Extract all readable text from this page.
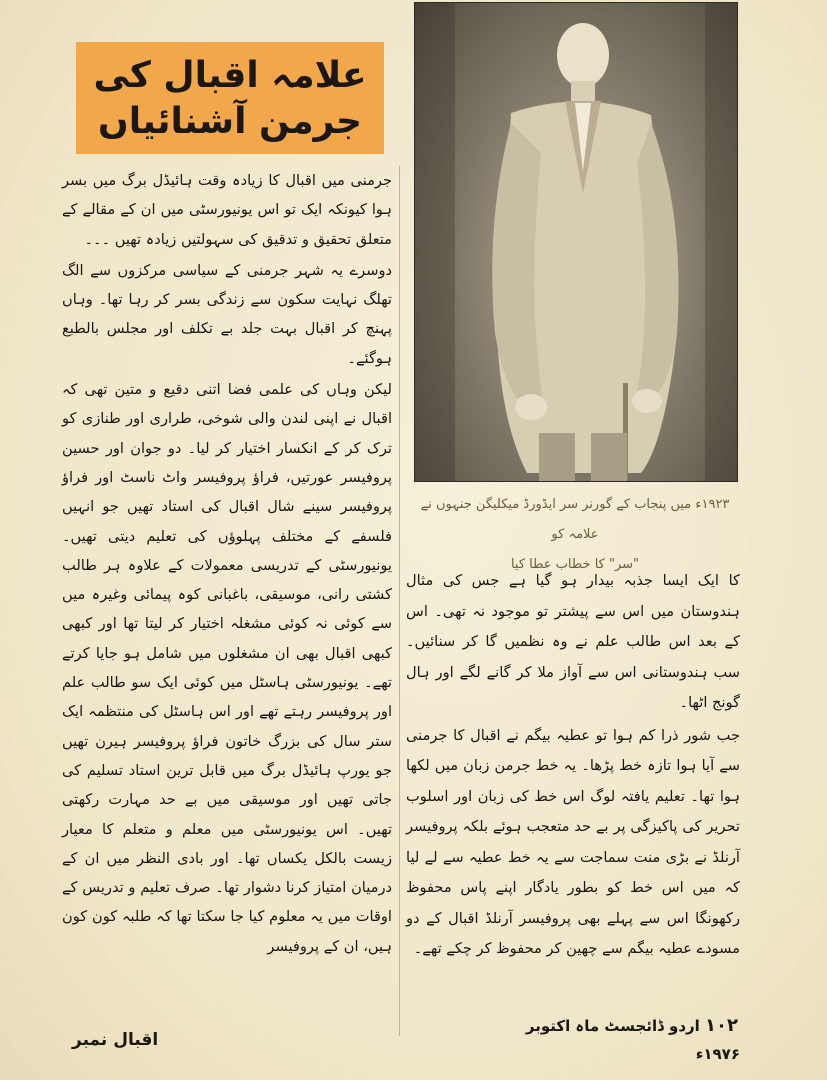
علامہ اقبال کی
جرمن آشنائیاں
۱۹۲۳ء میں پنجاب کے گورنر سر ایڈورڈ میکلیگن جنہوں نے علامہ کو
"سر" کا خطاب عطا کیا

جرمنی میں اقبال کا زیادہ وقت ہائیڈل برگ میں بسر ہوا کیونکہ ایک تو اس یونیورسٹی میں ان کے مقالے کے متعلق تحقیق و تدقیق کی سہولتیں زیادہ تھیں ۔۔۔

دوسرے یہ شہر جرمنی کے سیاسی مرکزوں سے الگ تھلگ نہایت سکون سے زندگی بسر کر رہا تھا۔ وہاں پہنچ کر اقبال بہت جلد بے تکلف اور مجلس بالطبع ہوگئے۔

لیکن وہاں کی علمی فضا اتنی دقیع و متین تھی کہ اقبال نے اپنی لندن والی شوخی، طراری اور طنازی کو ترک کر کے انکسار اختیار کر لیا۔ دو جوان اور حسین پروفیسر عورتیں، فراؤ پروفیسر واٹ ناسٹ اور فراؤ پروفیسر سینے شال اقبال کی استاد تھیں جو انہیں فلسفے کے مختلف پہلوؤں کی تعلیم دیتی تھیں۔ یونیورسٹی کے تدریسی معمولات کے علاوہ ہر طالب کشتی رانی، موسیقی، باغبانی کوہ پیمائی وغیرہ میں سے کوئی نہ کوئی مشغلہ اختیار کر لیتا تھا اور کبھی کبھی اقبال بھی ان مشغلوں میں شامل ہو جایا کرتے تھے۔ یونیورسٹی ہاسٹل میں کوئی ایک سو طالب علم اور پروفیسر رہتے تھے اور اس ہاسٹل کی منتظمہ ایک ستر سال کی بزرگ خاتون فراؤ پروفیسر ہیرن تھیں جو یورپ ہائیڈل برگ میں قابل ترین استاد تسلیم کی جاتی تھیں اور موسیقی میں بے حد مہارت رکھتی تھیں۔ اس یونیورسٹی میں معلم و متعلم کا معیار زیست بالکل یکساں تھا۔ اور بادی النظر میں ان کے درمیان امتیاز کرنا دشوار تھا۔ صرف تعلیم و تدریس کے اوقات میں یہ معلوم کیا جا سکتا تھا کہ طلبہ کون کون ہیں، ان کے پروفیسر

کا ایک ایسا جذبہ بیدار ہو گیا ہے جس کی مثال ہندوستان میں اس سے پیشتر تو موجود نہ تھی۔ اس کے بعد اس طالب علم نے وہ نظمیں گا کر سنائیں۔ سب ہندوستانی اس سے آواز ملا کر گانے لگے اور ہال گونج اٹھا۔

جب شور ذرا کم ہوا تو عطیہ بیگم نے اقبال کا جرمنی سے آیا ہوا تازہ خط پڑھا۔ یہ خط جرمن زبان میں لکھا ہوا تھا۔ تعلیم یافتہ لوگ اس خط کی زبان اور اسلوب تحریر کی پاکیزگی پر بے حد متعجب ہوئے بلکہ پروفیسر آرنلڈ نے بڑی منت سماجت سے یہ خط عطیہ سے لے لیا کہ میں اس خط کو بطور یادگار اپنے پاس محفوظ رکھونگا اس سے پہلے بھی پروفیسر آرنلڈ اقبال کے دو مسودے عطیہ بیگم سے چھین کر محفوظ کر چکے تھے۔

اقبال نمبر
۱۰۲ اردو ڈائجسٹ ماہ اکتوبر ۱۹۷۶ء
